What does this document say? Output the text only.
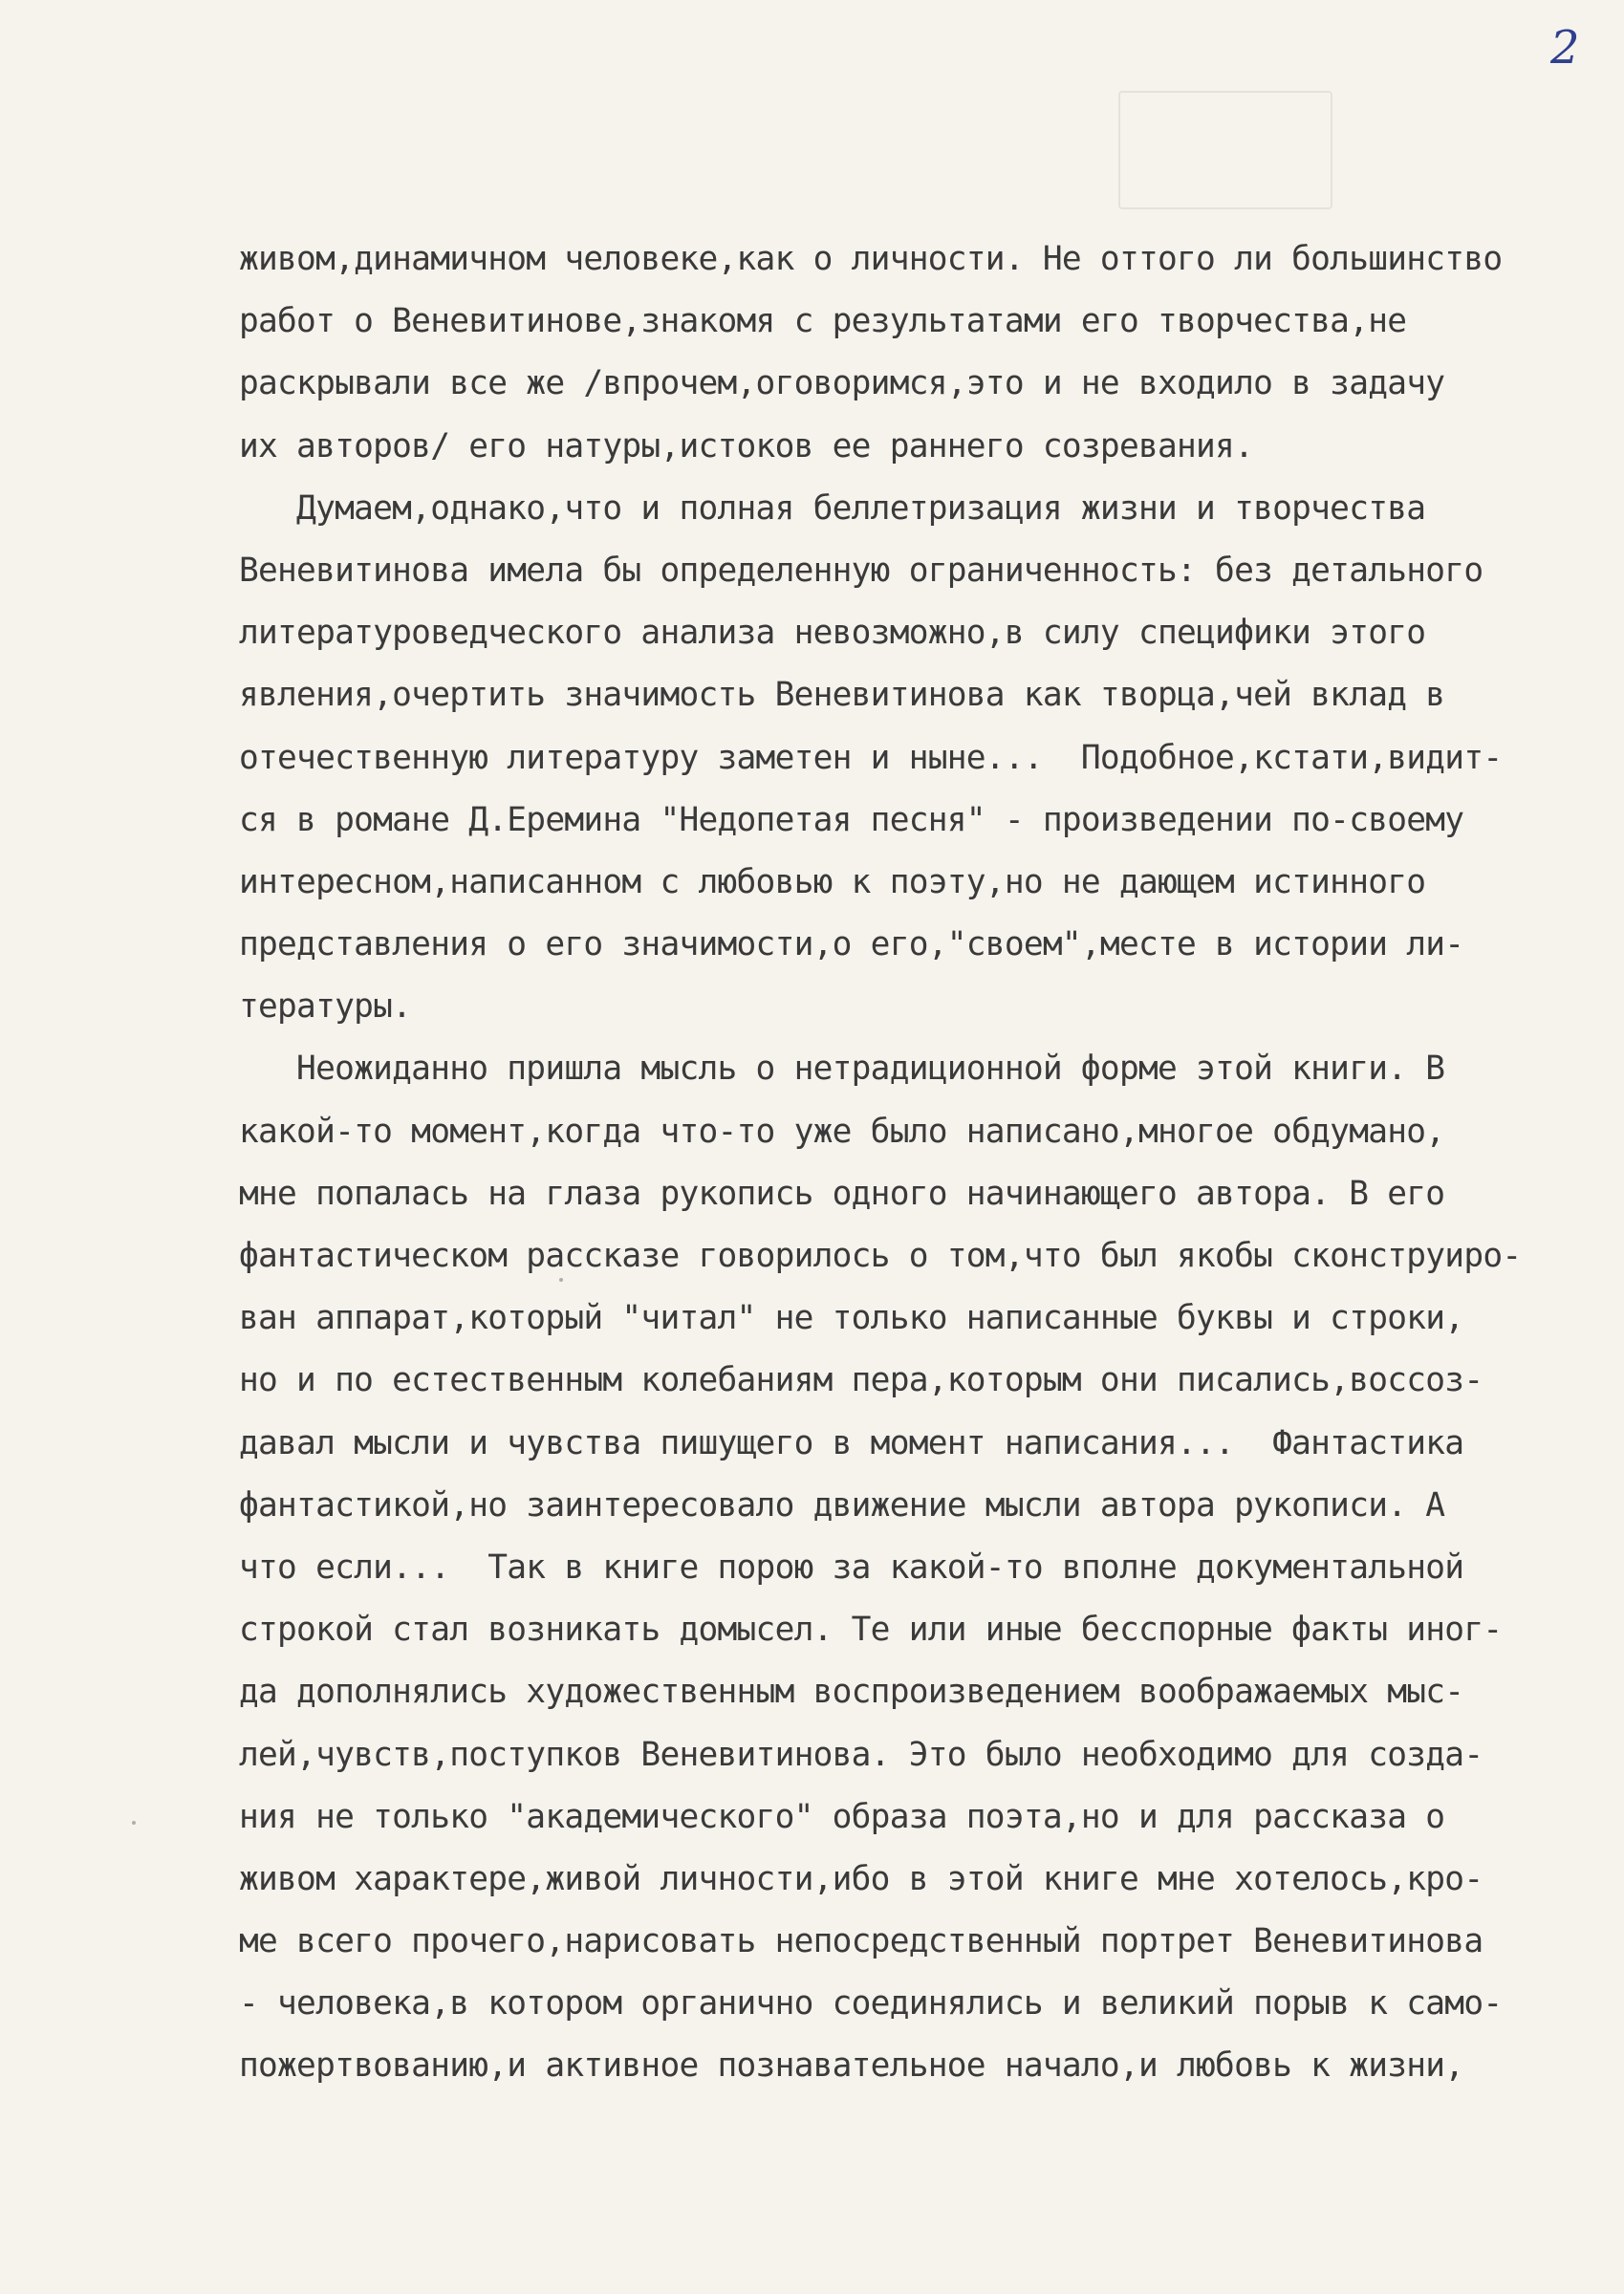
2
живом,динамичном человеке,как о личности. Не оттого ли большинство
работ о Веневитинове,знакомя с результатами его творчества,не
раскрывали все же /впрочем,оговоримся,это и не входило в задачу
их авторов/ его натуры,истоков ее раннего созревания.
Думаем,однако,что и полная беллетризация жизни и творчества
Веневитинова имела бы определенную ограниченность: без детального
литературоведческого анализа невозможно,в силу специфики этого
явления,очертить значимость Веневитинова как творца,чей вклад в
отечественную литературу заметен и ныне...  Подобное,кстати,видит-
ся в романе Д.Еремина "Недопетая песня" - произведении по-своему
интересном,написанном с любовью к поэту,но не дающем истинного
представления о его значимости,о его,"своем",месте в истории ли-
тературы.
Неожиданно пришла мысль о нетрадиционной форме этой книги. В
какой-то момент,когда что-то уже было написано,многое обдумано,
мне попалась на глаза рукопись одного начинающего автора. В его
фантастическом рассказе говорилось о том,что был якобы сконструиро-
ван аппарат,который "читал" не только написанные буквы и строки,
но и по естественным колебаниям пера,которым они писались,воссоз-
давал мысли и чувства пишущего в момент написания...  Фантастика
фантастикой,но заинтересовало движение мысли автора рукописи. А
что если...  Так в книге порою за какой-то вполне документальной
строкой стал возникать домысел. Те или иные бесспорные факты иног-
да дополнялись художественным воспроизведением воображаемых мыс-
лей,чувств,поступков Веневитинова. Это было необходимо для созда-
ния не только "академического" образа поэта,но и для рассказа о
живом характере,живой личности,ибо в этой книге мне хотелось,кро-
ме всего прочего,нарисовать непосредственный портрет Веневитинова
- человека,в котором органично соединялись и великий порыв к само-
пожертвованию,и активное познавательное начало,и любовь к жизни,
